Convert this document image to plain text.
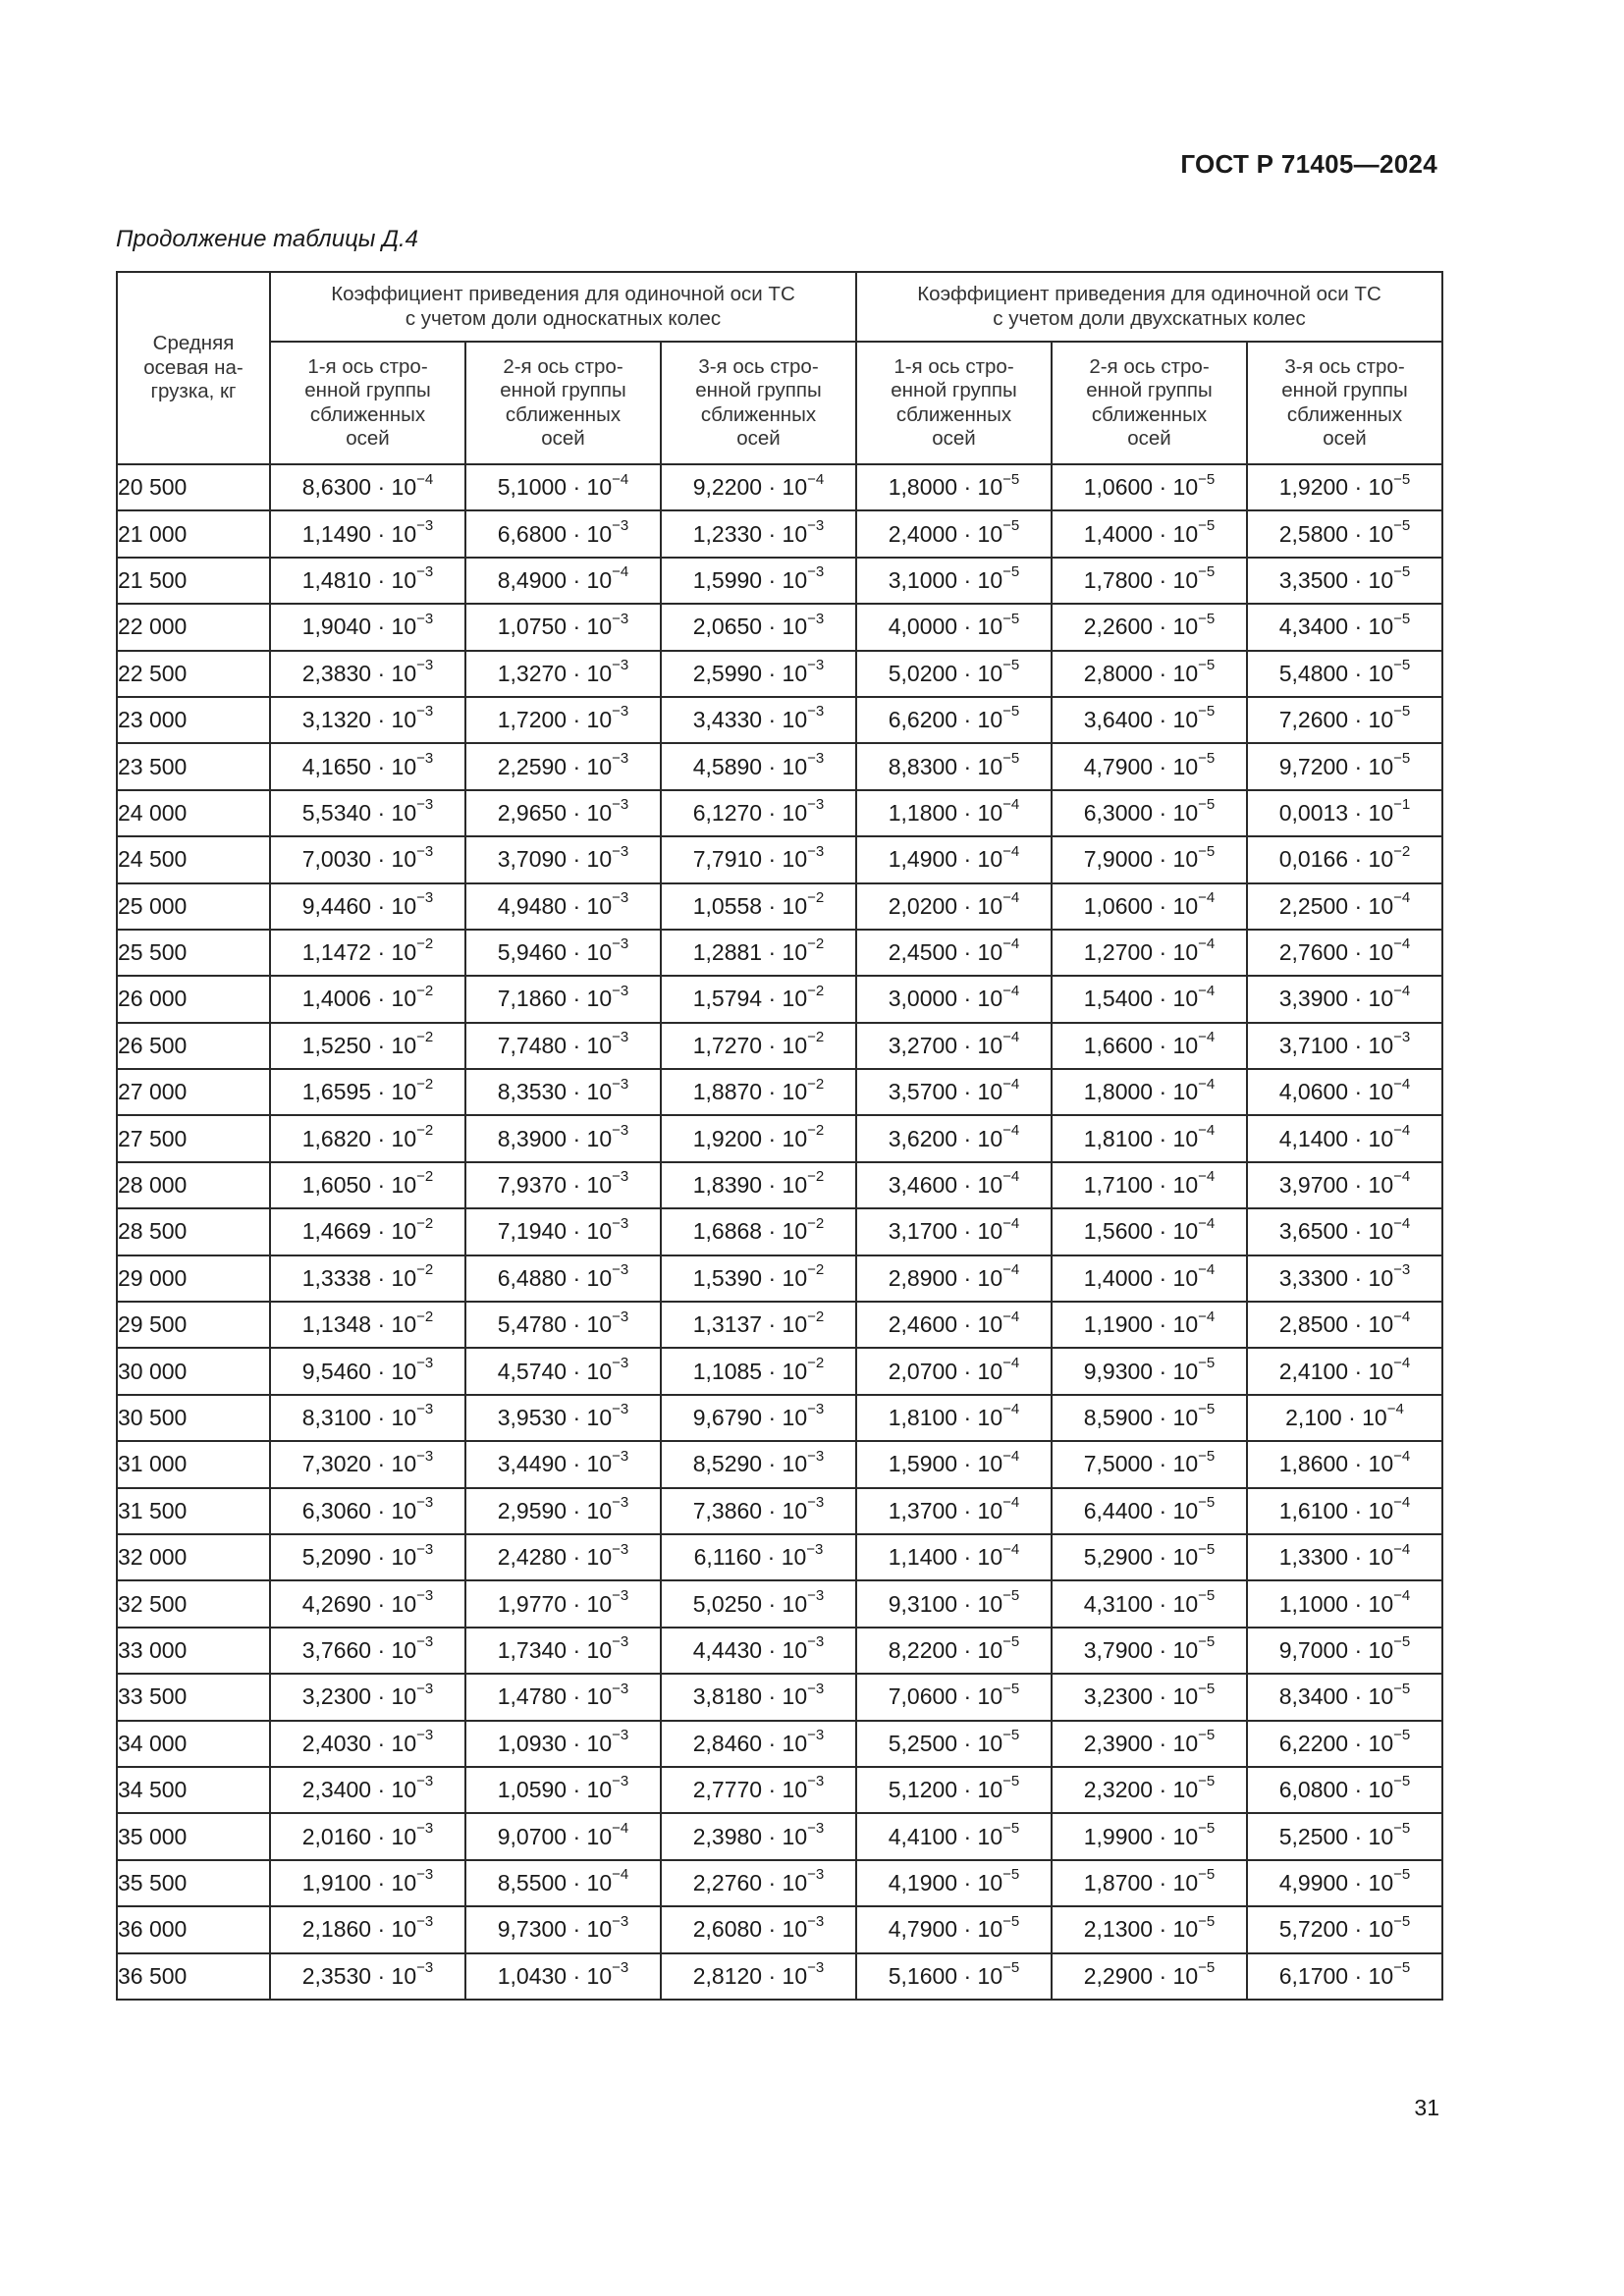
ГОСТ Р 71405—2024
Продолжение таблицы Д.4
Средняя
осевая на-
грузка, кг	Коэффициент приведения для одиночной оси ТС
с учетом доли односкатных колес			Коэффициент приведения для одиночной оси ТС
с учетом доли двухскатных колес		
	1-я ось стро-
енной группы
сближенных
осей	2-я ось стро-
енной группы
сближенных
осей	3-я ось стро-
енной группы
сближенных
осей	1-я ось стро-
енной группы
сближенных
осей	2-я ось стро-
енной группы
сближенных
осей	3-я ось стро-
енной группы
сближенных
осей
20 500	$8,6300 \cdot 10^{-4}$	$5,1000 \cdot 10^{-4}$	$9,2200 \cdot 10^{-4}$	$1,8000 \cdot 10^{-5}$	$1,0600 \cdot 10^{-5}$	$1,9200 \cdot 10^{-5}$
21 000	$1,1490 \cdot 10^{-3}$	$6,6800 \cdot 10^{-3}$	$1,2330 \cdot 10^{-3}$	$2,4000 \cdot 10^{-5}$	$1,4000 \cdot 10^{-5}$	$2,5800 \cdot 10^{-5}$
21 500	$1,4810 \cdot 10^{-3}$	$8,4900 \cdot 10^{-4}$	$1,5990 \cdot 10^{-3}$	$3,1000 \cdot 10^{-5}$	$1,7800 \cdot 10^{-5}$	$3,3500 \cdot 10^{-5}$
22 000	$1,9040 \cdot 10^{-3}$	$1,0750 \cdot 10^{-3}$	$2,0650 \cdot 10^{-3}$	$4,0000 \cdot 10^{-5}$	$2,2600 \cdot 10^{-5}$	$4,3400 \cdot 10^{-5}$
22 500	$2,3830 \cdot 10^{-3}$	$1,3270 \cdot 10^{-3}$	$2,5990 \cdot 10^{-3}$	$5,0200 \cdot 10^{-5}$	$2,8000 \cdot 10^{-5}$	$5,4800 \cdot 10^{-5}$
23 000	$3,1320 \cdot 10^{-3}$	$1,7200 \cdot 10^{-3}$	$3,4330 \cdot 10^{-3}$	$6,6200 \cdot 10^{-5}$	$3,6400 \cdot 10^{-5}$	$7,2600 \cdot 10^{-5}$
23 500	$4,1650 \cdot 10^{-3}$	$2,2590 \cdot 10^{-3}$	$4,5890 \cdot 10^{-3}$	$8,8300 \cdot 10^{-5}$	$4,7900 \cdot 10^{-5}$	$9,7200 \cdot 10^{-5}$
24 000	$5,5340 \cdot 10^{-3}$	$2,9650 \cdot 10^{-3}$	$6,1270 \cdot 10^{-3}$	$1,1800 \cdot 10^{-4}$	$6,3000 \cdot 10^{-5}$	$0,0013 \cdot 10^{-1}$
24 500	$7,0030 \cdot 10^{-3}$	$3,7090 \cdot 10^{-3}$	$7,7910 \cdot 10^{-3}$	$1,4900 \cdot 10^{-4}$	$7,9000 \cdot 10^{-5}$	$0,0166 \cdot 10^{-2}$
25 000	$9,4460 \cdot 10^{-3}$	$4,9480 \cdot 10^{-3}$	$1,0558 \cdot 10^{-2}$	$2,0200 \cdot 10^{-4}$	$1,0600 \cdot 10^{-4}$	$2,2500 \cdot 10^{-4}$
25 500	$1,1472 \cdot 10^{-2}$	$5,9460 \cdot 10^{-3}$	$1,2881 \cdot 10^{-2}$	$2,4500 \cdot 10^{-4}$	$1,2700 \cdot 10^{-4}$	$2,7600 \cdot 10^{-4}$
26 000	$1,4006 \cdot 10^{-2}$	$7,1860 \cdot 10^{-3}$	$1,5794 \cdot 10^{-2}$	$3,0000 \cdot 10^{-4}$	$1,5400 \cdot 10^{-4}$	$3,3900 \cdot 10^{-4}$
26 500	$1,5250 \cdot 10^{-2}$	$7,7480 \cdot 10^{-3}$	$1,7270 \cdot 10^{-2}$	$3,2700 \cdot 10^{-4}$	$1,6600 \cdot 10^{-4}$	$3,7100 \cdot 10^{-3}$
27 000	$1,6595 \cdot 10^{-2}$	$8,3530 \cdot 10^{-3}$	$1,8870 \cdot 10^{-2}$	$3,5700 \cdot 10^{-4}$	$1,8000 \cdot 10^{-4}$	$4,0600 \cdot 10^{-4}$
27 500	$1,6820 \cdot 10^{-2}$	$8,3900 \cdot 10^{-3}$	$1,9200 \cdot 10^{-2}$	$3,6200 \cdot 10^{-4}$	$1,8100 \cdot 10^{-4}$	$4,1400 \cdot 10^{-4}$
28 000	$1,6050 \cdot 10^{-2}$	$7,9370 \cdot 10^{-3}$	$1,8390 \cdot 10^{-2}$	$3,4600 \cdot 10^{-4}$	$1,7100 \cdot 10^{-4}$	$3,9700 \cdot 10^{-4}$
28 500	$1,4669 \cdot 10^{-2}$	$7,1940 \cdot 10^{-3}$	$1,6868 \cdot 10^{-2}$	$3,1700 \cdot 10^{-4}$	$1,5600 \cdot 10^{-4}$	$3,6500 \cdot 10^{-4}$
29 000	$1,3338 \cdot 10^{-2}$	$6,4880 \cdot 10^{-3}$	$1,5390 \cdot 10^{-2}$	$2,8900 \cdot 10^{-4}$	$1,4000 \cdot 10^{-4}$	$3,3300 \cdot 10^{-3}$
29 500	$1,1348 \cdot 10^{-2}$	$5,4780 \cdot 10^{-3}$	$1,3137 \cdot 10^{-2}$	$2,4600 \cdot 10^{-4}$	$1,1900 \cdot 10^{-4}$	$2,8500 \cdot 10^{-4}$
30 000	$9,5460 \cdot 10^{-3}$	$4,5740 \cdot 10^{-3}$	$1,1085 \cdot 10^{-2}$	$2,0700 \cdot 10^{-4}$	$9,9300 \cdot 10^{-5}$	$2,4100 \cdot 10^{-4}$
30 500	$8,3100 \cdot 10^{-3}$	$3,9530 \cdot 10^{-3}$	$9,6790 \cdot 10^{-3}$	$1,8100 \cdot 10^{-4}$	$8,5900 \cdot 10^{-5}$	$2,100 \cdot 10^{-4}$
31 000	$7,3020 \cdot 10^{-3}$	$3,4490 \cdot 10^{-3}$	$8,5290 \cdot 10^{-3}$	$1,5900 \cdot 10^{-4}$	$7,5000 \cdot 10^{-5}$	$1,8600 \cdot 10^{-4}$
31 500	$6,3060 \cdot 10^{-3}$	$2,9590 \cdot 10^{-3}$	$7,3860 \cdot 10^{-3}$	$1,3700 \cdot 10^{-4}$	$6,4400 \cdot 10^{-5}$	$1,6100 \cdot 10^{-4}$
32 000	$5,2090 \cdot 10^{-3}$	$2,4280 \cdot 10^{-3}$	$6,1160 \cdot 10^{-3}$	$1,1400 \cdot 10^{-4}$	$5,2900 \cdot 10^{-5}$	$1,3300 \cdot 10^{-4}$
32 500	$4,2690 \cdot 10^{-3}$	$1,9770 \cdot 10^{-3}$	$5,0250 \cdot 10^{-3}$	$9,3100 \cdot 10^{-5}$	$4,3100 \cdot 10^{-5}$	$1,1000 \cdot 10^{-4}$
33 000	$3,7660 \cdot 10^{-3}$	$1,7340 \cdot 10^{-3}$	$4,4430 \cdot 10^{-3}$	$8,2200 \cdot 10^{-5}$	$3,7900 \cdot 10^{-5}$	$9,7000 \cdot 10^{-5}$
33 500	$3,2300 \cdot 10^{-3}$	$1,4780 \cdot 10^{-3}$	$3,8180 \cdot 10^{-3}$	$7,0600 \cdot 10^{-5}$	$3,2300 \cdot 10^{-5}$	$8,3400 \cdot 10^{-5}$
34 000	$2,4030 \cdot 10^{-3}$	$1,0930 \cdot 10^{-3}$	$2,8460 \cdot 10^{-3}$	$5,2500 \cdot 10^{-5}$	$2,3900 \cdot 10^{-5}$	$6,2200 \cdot 10^{-5}$
34 500	$2,3400 \cdot 10^{-3}$	$1,0590 \cdot 10^{-3}$	$2,7770 \cdot 10^{-3}$	$5,1200 \cdot 10^{-5}$	$2,3200 \cdot 10^{-5}$	$6,0800 \cdot 10^{-5}$
35 000	$2,0160 \cdot 10^{-3}$	$9,0700 \cdot 10^{-4}$	$2,3980 \cdot 10^{-3}$	$4,4100 \cdot 10^{-5}$	$1,9900 \cdot 10^{-5}$	$5,2500 \cdot 10^{-5}$
35 500	$1,9100 \cdot 10^{-3}$	$8,5500 \cdot 10^{-4}$	$2,2760 \cdot 10^{-3}$	$4,1900 \cdot 10^{-5}$	$1,8700 \cdot 10^{-5}$	$4,9900 \cdot 10^{-5}$
36 000	$2,1860 \cdot 10^{-3}$	$9,7300 \cdot 10^{-3}$	$2,6080 \cdot 10^{-3}$	$4,7900 \cdot 10^{-5}$	$2,1300 \cdot 10^{-5}$	$5,7200 \cdot 10^{-5}$
36 500	$2,3530 \cdot 10^{-3}$	$1,0430 \cdot 10^{-3}$	$2,8120 \cdot 10^{-3}$	$5,1600 \cdot 10^{-5}$	$2,2900 \cdot 10^{-5}$	$6,1700 \cdot 10^{-5}$
31
